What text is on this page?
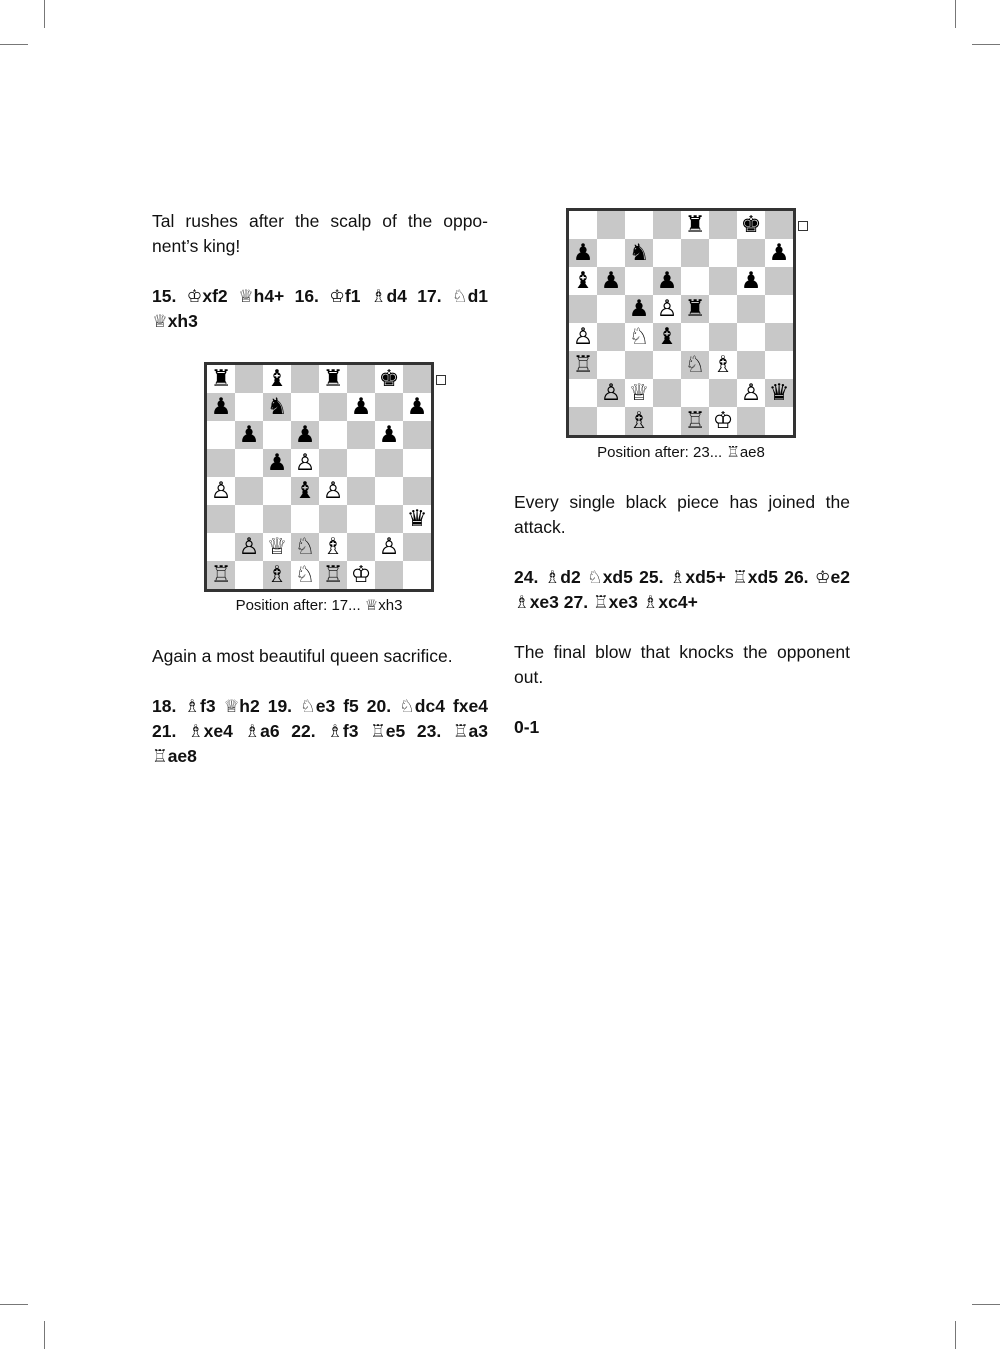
Tal rushes after the scalp of the oppo-nent’s king!

15. ♔xf2 ♕h4+ 16. ♔f1 ♗d4 17. ♘d1 ♕xh3

♜ ♝ ♜ ♚
♟ ♞	♟ ♟
♟ ♟	♟
♟ ♙
♙	♝ ♙
♛
♙ ♕ ♘ ♗ ♙
♖ ♗ ♘ ♖ ♔
Position after: 17... ♕xh3

Again a most beautiful queen sacrifice.

18. ♗f3 ♕h2 19. ♘e3 f5 20. ♘dc4 fxe4 21. ♗xe4 ♗a6 22. ♗f3 ♖e5 23. ♖a3 ♖ae8

♜ ♚
♟ ♞	♟
♝ ♟ ♟	♟
♟ ♙ ♜
♙ ♘ ♝
♖	♘ ♗
♙ ♕	♙ ♛
♗ ♖ ♔
Position after: 23... ♖ae8

Every single black piece has joined the attack.

24. ♗d2 ♘xd5 25. ♗xd5+ ♖xd5 26. ♔e2 ♗xe3 27. ♖xe3 ♗xc4+

The final blow that knocks the opponent out.

0-1
